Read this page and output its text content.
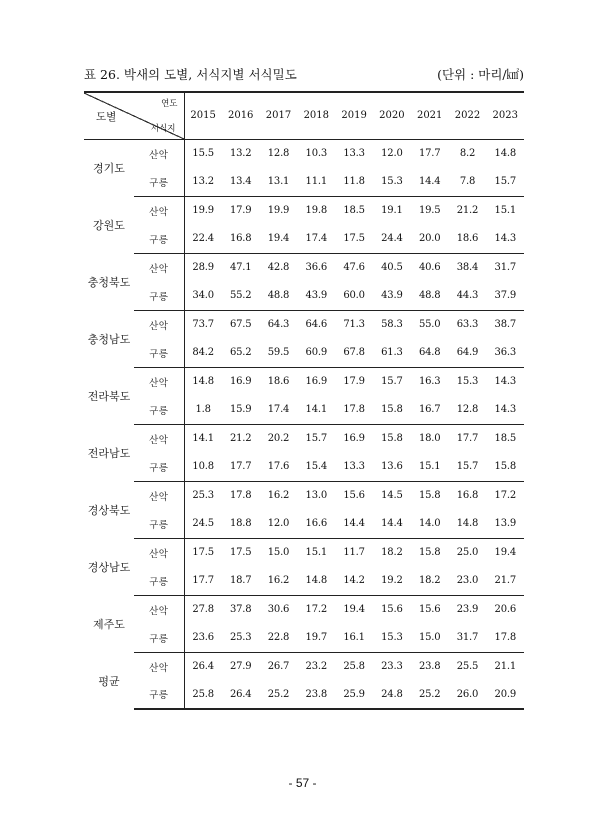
표 26. 박새의 도별, 서식지별 서식밀도	(단위 : 마리/㎢)
도별
연도
서식지		2015	2016	2017	2018	2019	2020	2021	2022	2023
경기도	산악	15.5	13.2	12.8	10.3	13.3	12.0	17.7	8.2	14.8
	구릉	13.2	13.4	13.1	11.1	11.8	15.3	14.4	7.8	15.7
강원도	산악	19.9	17.9	19.9	19.8	18.5	19.1	19.5	21.2	15.1
	구릉	22.4	16.8	19.4	17.4	17.5	24.4	20.0	18.6	14.3
충청북도	산악	28.9	47.1	42.8	36.6	47.6	40.5	40.6	38.4	31.7
	구릉	34.0	55.2	48.8	43.9	60.0	43.9	48.8	44.3	37.9
충청남도	산악	73.7	67.5	64.3	64.6	71.3	58.3	55.0	63.3	38.7
	구릉	84.2	65.2	59.5	60.9	67.8	61.3	64.8	64.9	36.3
전라북도	산악	14.8	16.9	18.6	16.9	17.9	15.7	16.3	15.3	14.3
	구릉	1.8	15.9	17.4	14.1	17.8	15.8	16.7	12.8	14.3
전라남도	산악	14.1	21.2	20.2	15.7	16.9	15.8	18.0	17.7	18.5
	구릉	10.8	17.7	17.6	15.4	13.3	13.6	15.1	15.7	15.8
경상북도	산악	25.3	17.8	16.2	13.0	15.6	14.5	15.8	16.8	17.2
	구릉	24.5	18.8	12.0	16.6	14.4	14.4	14.0	14.8	13.9
경상남도	산악	17.5	17.5	15.0	15.1	11.7	18.2	15.8	25.0	19.4
	구릉	17.7	18.7	16.2	14.8	14.2	19.2	18.2	23.0	21.7
제주도	산악	27.8	37.8	30.6	17.2	19.4	15.6	15.6	23.9	20.6
	구릉	23.6	25.3	22.8	19.7	16.1	15.3	15.0	31.7	17.8
평균	산악	26.4	27.9	26.7	23.2	25.8	23.3	23.8	25.5	21.1
	구릉	25.8	26.4	25.2	23.8	25.9	24.8	25.2	26.0	20.9
- 57 -
